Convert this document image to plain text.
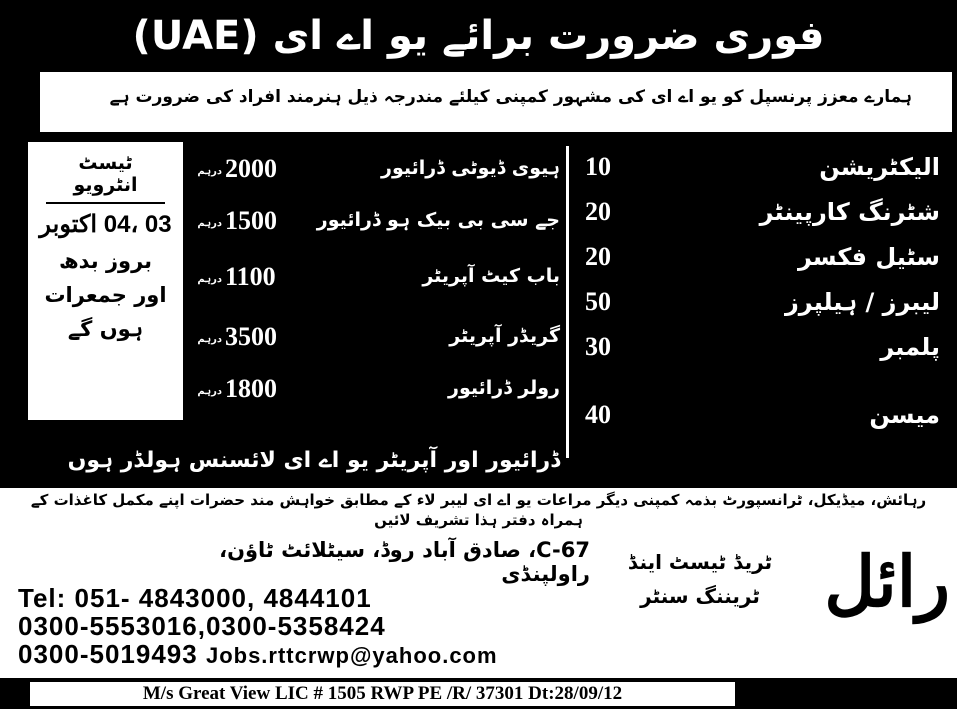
فوری ضرورت برائے یو اے ای (UAE)
ہمارے معزز پرنسپل کو یو اے ای کی مشہور کمپنی کیلئے مندرجہ ذیل ہنرمند افراد کی ضرورت ہے
ٹیسٹ انٹرویو
03 ،04 اکتوبر
بروز بدھ
اور جمعرات
ہوں گے
الیکٹریشن
10
شٹرنگ کارپینٹر
20
سٹیل فکسر
20
لیبرز / ہیلپرز
50
پلمبر
30
میسن
40
ہیوی ڈیوٹی ڈرائیور
2000
درہم
جے سی بی بیک ہو ڈرائیور
1500
درہم
باب کیٹ آپریٹر
1100
درہم
گریڈر آپریٹر
3500
درہم
رولر ڈرائیور
1800
درہم
ڈرائیور اور آپریٹر یو اے ای لائسنس ہولڈر ہوں
رہائش، میڈیکل، ٹرانسپورٹ بذمہ کمپنی دیگر مراعات یو اے ای لیبر لاء کے مطابق خواہش مند حضرات اپنے مکمل کاغذات کے ہمراہ دفتر ہذا تشریف لائیں
C-67، صادق آباد روڈ، سیٹلائٹ ٹاؤن، راولپنڈی
Tel: 051- 4843000, 4844101
0300-5553016,0300-5358424
0300-5019493 Jobs.rttcrwp@yahoo.com
ٹریڈ ٹیسٹ اینڈ
ٹریننگ سنٹر رائل
M/s Great View LIC # 1505 RWP PE /R/ 37301 Dt:28/09/12
